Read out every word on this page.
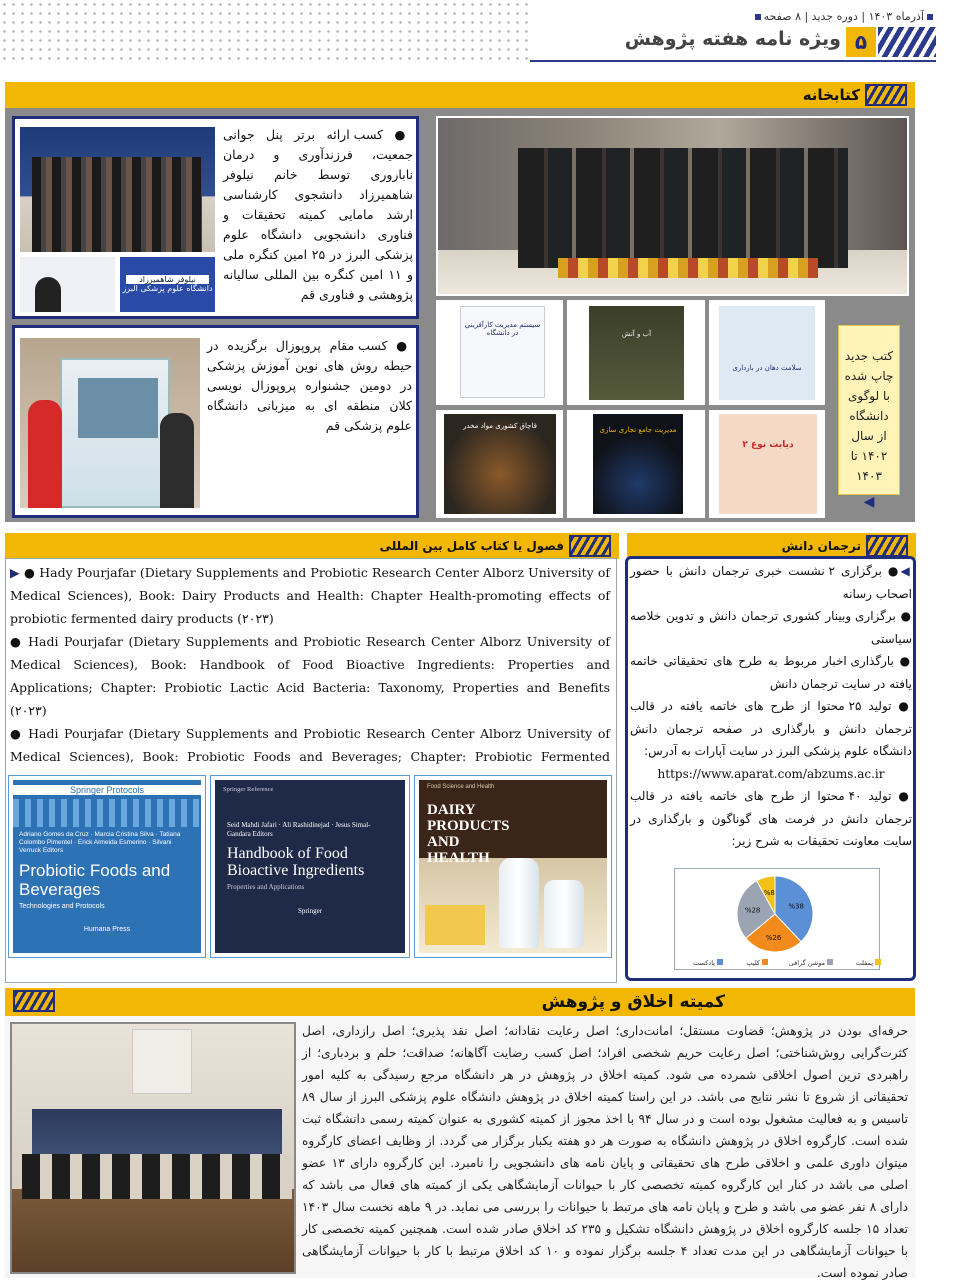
آذرماه ۱۴۰۳ | دوره جدید | ۸ صفحه
ویژه نامه هفته پژوهش ۵
کتابخانه
نیلوفر شاهمیرزاد
دانشگاه علوم پزشکی البرز
● کسب ارائه برتر پنل جوانی جمعیت، فرزندآوری و درمان ناباروری توسط خانم نیلوفر شاهمیرزاد دانشجوی کارشناسی ارشد مامایی کمیته تحقیقات و فناوری دانشجویی دانشگاه علوم پزشکی البرز در ۲۵ امین کنگره ملی و ۱۱ امین کنگره بین المللی سالیانه پژوهشی و فناوری قم
● کسب مقام پروپوزال برگزیده در حیطه روش های نوین آموزش پزشکی در دومین جشنواره پروپوزال نویسی کلان منطقه ای به میزبانی دانشگاه علوم پزشکی قم
سیستم مدیریت کارآفرینی در دانشگاه	آب و آتش
سلامت دهان در بارداری
قاچاق کشوری مواد مخدر	مدیریت جامع تجاری سازی
دیابت نوع ۲
کتب جدید چاپ شده با لوگوی دانشگاه از سال ۱۴۰۲ تا ۱۴۰۳
◀
فصول یا کتاب کامل بین المللی
▶ ● Hady Pourjafar (Dietary Supplements and Probiotic Research Center Alborz University of Medical Sciences), Book: Dairy Products and Health: Chapter Health-promoting effects of probiotic fermented dairy products (۲۰۲۳)
● Hadi Pourjafar (Dietary Supplements and Probiotic Research Center Alborz University of Medical Sciences), Book: Handbook of Food Bioactive Ingredients: Properties and Applications; Chapter: Probiotic Lactic Acid Bacteria: Taxonomy, Properties and Benefits (۲۰۲۳)
● Hadi Pourjafar (Dietary Supplements and Probiotic Research Center Alborz University of Medical Sciences), Book: Probiotic Foods and Beverages; Chapter: Probiotic Fermented
Springer Protocols
Adriano Gomes da Cruz · Marcia Cristina Silva · Tatiana Colombo Pimentel · Erick Almeida Esmerino · Silvani Verruck Editors
Probiotic Foods and Beverages
Technologies and Protocols
Humana Press
Springer Reference
Seid Mahdi Jafari · Ali Rashidinejad · Jesus Simal-Gandara Editors
Handbook of Food Bioactive Ingredients
Properties and Applications
Springer
Food Science and Health
DAIRY PRODUCTS AND HEALTH
ترجمان دانش
◀● برگزاری ۲ نشست خبری ترجمان دانش با حضور اصحاب رسانه
● برگزاری وبینار کشوری ترجمان دانش و تدوین خلاصه سیاستی
● بارگذاری اخبار مربوط به طرح های تحقیقاتی خاتمه یافته در سایت ترجمان دانش
● تولید ۲۵ محتوا از طرح های خاتمه یافته در قالب ترجمان دانش و بارگذاری در صفحه ترجمان دانش دانشگاه علوم پزشکی البرز در سایت آپارات به آدرس:
https://www.aparat.com/abzums.ac.ir
● تولید ۴۰ محتوا از طرح های خاتمه یافته در قالب ترجمان دانش در فرمت های گوناگون و بارگذاری در سایت معاونت تحقیقات به شرح زیر:
%38
%26
%28
%8
پادکست	کلیپ	موشن گرافی	پمفلت
کمیته اخلاق و پژوهش
حرفه‌ای بودن در پژوهش؛ قضاوت مستقل؛ امانت‌داری؛ اصل رعایت نقادانه؛ اصل نقد پذیری؛ اصل رازداری، اصل کثرت‌گرایی روش‌شناختی؛ اصل رعایت حریم شخصی افراد؛ اصل کسب رضایت آگاهانه؛ صداقت؛ حلم و بردباری؛ از راهبردی ترین اصول اخلاقی شمرده می شود. کمیته اخلاق در پژوهش در هر دانشگاه مرجع رسیدگی به کلیه امور تحقیقاتی از شروع تا نشر نتایج می باشد. در این راستا کمیته اخلاق در پژوهش دانشگاه علوم پزشکی البرز از سال ۸۹ تاسیس و به فعالیت مشغول بوده است و در سال ۹۴ با اخذ مجوز از کمیته کشوری به عنوان کمیته رسمی دانشگاه ثبت شده است. کارگروه اخلاق در پژوهش دانشگاه به صورت هر دو هفته یکبار برگزار می گردد. از وظایف اعضای کارگروه میتوان داوری علمی و اخلاقی طرح های تحقیقاتی و پایان نامه های دانشجویی را نامبرد. این کارگروه دارای ۱۳ عضو اصلی می باشد در کنار این کارگروه کمیته تخصصی کار با حیوانات آزمایشگاهی یکی از کمیته های فعال می باشد که دارای ۸ نفر عضو می باشد و طرح و پایان نامه های مرتبط با حیوانات را بررسی می نماید. در ۹ ماهه نخست سال ۱۴۰۳ تعداد ۱۵ جلسه کارگروه اخلاق در پژوهش دانشگاه تشکیل و ۲۳۵ کد اخلاق صادر شده است. همچنین کمیته تخصصی کار با حیوانات آزمایشگاهی در این مدت تعداد ۴ جلسه برگزار نموده و ۱۰ کد اخلاق مرتبط با کار با حیوانات آزمایشگاهی صادر نموده است.
